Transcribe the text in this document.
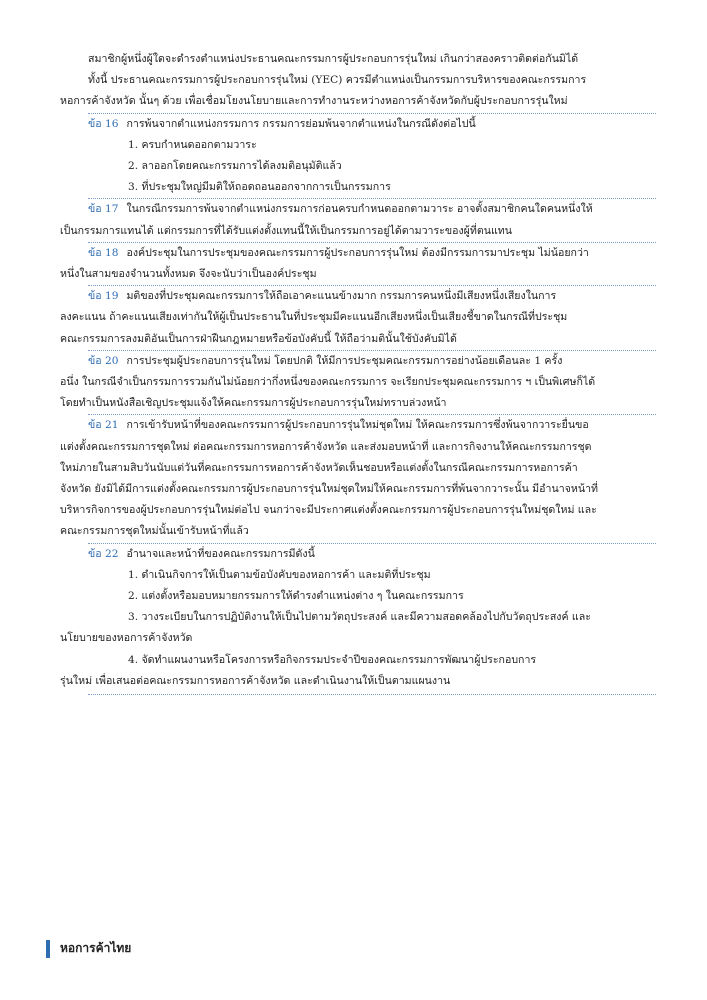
สมาชิกผู้หนึ่งผู้ใดจะดำรงตำแหน่งประธานคณะกรรมการผู้ประกอบการรุ่นใหม่ เกินกว่าสองคราวติดต่อกันมิได้

ทั้งนี้ ประธานคณะกรรมการผู้ประกอบการรุ่นใหม่ (YEC) ควรมีตำแหน่งเป็นกรรมการบริหารของคณะกรรมการ

หอการค้าจังหวัด นั้นๆ ด้วย เพื่อเชื่อมโยงนโยบายและการทำงานระหว่างหอการค้าจังหวัดกับผู้ประกอบการรุ่นใหม่

ข้อ 16 การพ้นจากตำแหน่งกรรมการ กรรมการย่อมพ้นจากตำแหน่งในกรณีดังต่อไปนี้

1. ครบกำหนดออกตามวาระ

2. ลาออกโดยคณะกรรมการได้ลงมติอนุมัติแล้ว

3. ที่ประชุมใหญ่มีมติให้ถอดถอนออกจากการเป็นกรรมการ

ข้อ 17 ในกรณีกรรมการพ้นจากตำแหน่งกรรมการก่อนครบกำหนดออกตามวาระ อาจตั้งสมาชิกคนใดคนหนึ่งให้

เป็นกรรมการแทนได้ แต่กรรมการที่ได้รับแต่งตั้งแทนนี้ให้เป็นกรรมการอยู่ได้ตามวาระของผู้ที่ตนแทน

ข้อ 18 องค์ประชุมในการประชุมของคณะกรรมการผู้ประกอบการรุ่นใหม่ ต้องมีกรรมการมาประชุม ไม่น้อยกว่า

หนึ่งในสามของจำนวนทั้งหมด จึงจะนับว่าเป็นองค์ประชุม

ข้อ 19 มติของที่ประชุมคณะกรรมการให้ถือเอาคะแนนข้างมาก กรรมการคนหนึ่งมีเสียงหนึ่งเสียงในการ

ลงคะแนน ถ้าคะแนนเสียงเท่ากันให้ผู้เป็นประธานในที่ประชุมมีคะแนนอีกเสียงหนึ่งเป็นเสียงชี้ขาดในกรณีที่ประชุม

คณะกรรมการลงมติอันเป็นการฝ่าฝืนกฎหมายหรือข้อบังคับนี้ ให้ถือว่ามตินั้นใช้บังคับมิได้

ข้อ 20 การประชุมผู้ประกอบการรุ่นใหม่ โดยปกติ ให้มีการประชุมคณะกรรมการอย่างน้อยเดือนละ 1 ครั้ง

อนึ่ง ในกรณีจำเป็นกรรมการรวมกันไม่น้อยกว่ากึ่งหนึ่งของคณะกรรมการ จะเรียกประชุมคณะกรรมการ ฯ เป็นพิเศษก็ได้

โดยทำเป็นหนังสือเชิญประชุมแจ้งให้คณะกรรมการผู้ประกอบการรุ่นใหม่ทราบล่วงหน้า

ข้อ 21 การเข้ารับหน้าที่ของคณะกรรมการผู้ประกอบการรุ่นใหม่ชุดใหม่ ให้คณะกรรมการซึ่งพ้นจากวาระยื่นขอ

แต่งตั้งคณะกรรมการชุดใหม่ ต่อคณะกรรมการหอการค้าจังหวัด และส่งมอบหน้าที่ และการกิจงานให้คณะกรรมการชุด

ใหม่ภายในสามสิบวันนับแต่วันที่คณะกรรมการหอการค้าจังหวัดเห็นชอบหรือแต่งตั้งในกรณีคณะกรรมการหอการค้า

จังหวัด ยังมิได้มีการแต่งตั้งคณะกรรมการผู้ประกอบการรุ่นใหม่ชุดใหม่ให้คณะกรรมการที่พ้นจากวาระนั้น มีอำนาจหน้าที่

บริหารกิจการของผู้ประกอบการรุ่นใหม่ต่อไป จนกว่าจะมีประกาศแต่งตั้งคณะกรรมการผู้ประกอบการรุ่นใหม่ชุดใหม่ และ

คณะกรรมการชุดใหม่นั้นเข้ารับหน้าที่แล้ว

ข้อ 22 อำนาจและหน้าที่ของคณะกรรมการมีดังนี้

1. ดำเนินกิจการให้เป็นตามข้อบังคับของหอการค้า และมติที่ประชุม

2. แต่งตั้งหรือมอบหมายกรรมการให้ดำรงตำแหน่งต่าง ๆ ในคณะกรรมการ

3. วางระเบียบในการปฏิบัติงานให้เป็นไปตามวัตถุประสงค์ และมีความสอดคล้องไปกับวัตถุประสงค์ และ

นโยบายของหอการค้าจังหวัด

4. จัดทำแผนงานหรือโครงการหรือกิจกรรมประจำปีของคณะกรรมการพัฒนาผู้ประกอบการ

รุ่นใหม่ เพื่อเสนอต่อคณะกรรมการหอการค้าจังหวัด และดำเนินงานให้เป็นตามแผนงาน

หอการค้าไทย
